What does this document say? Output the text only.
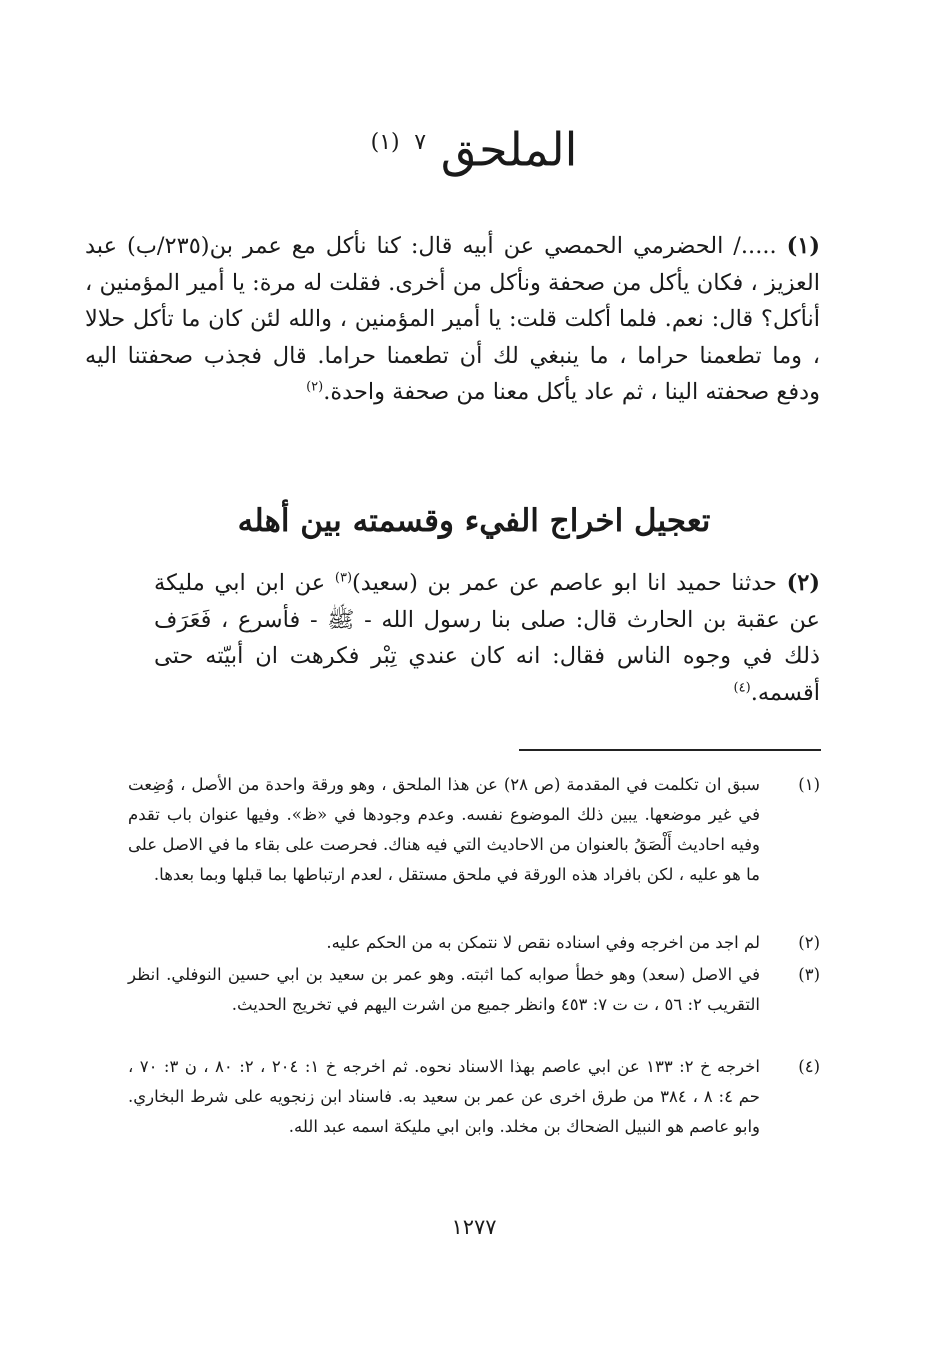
الملحق $^٧$ $^{(١)}$
(١) ...../ الحضرمي الحمصي عن أبيه قال: كنا نأكل مع عمر بن(٢٣٥/ب) عبد العزيز ، فكان يأكل من صحفة ونأكل من أخرى. فقلت له مرة: يا أمير المؤمنين ، أنأكل؟ قال: نعم. فلما أكلت قلت: يا أمير المؤمنين ، والله لئن كان ما تأكل حلالا ، وما تطعمنا حراما ، ما ينبغي لك أن تطعمنا حراما. قال فجذب صحفتنا اليه ودفع صحفته الينا ، ثم عاد يأكل معنا من صحفة واحدة.$^{(٢)}$
تعجيل اخراج الفيء وقسمته بين أهله
(٢) حدثنا حميد انا ابو عاصم عن عمر بن (سعيد)$^{(٣)}$ عن ابن ابي مليكة عن عقبة بن الحارث قال: صلى بنا رسول الله - ﷺ - فأسرع ، فَعَرَف ذلك في وجوه الناس فقال: انه كان عندي تِبْر فكرهت ان أبيّته حتى أقسمه.$^{(٤)}$
(١)
سبق ان تكلمت في المقدمة (ص ٢٨) عن هذا الملحق ، وهو ورقة واحدة من الأصل ، وُضِعت في غير موضعها. يبين ذلك الموضوع نفسه. وعدم وجودها في «ظ». وفيها عنوان باب تقدم وفيه احاديث أَلْصَقُ بالعنوان من الاحاديث التي فيه هناك. فحرصت على بقاء ما في الاصل على ما هو عليه ، لكن بافراد هذه الورقة في ملحق مستقل ، لعدم ارتباطها بما قبلها وبما بعدها.
(٢)
لم اجد من اخرجه وفي اسناده نقص لا نتمكن به من الحكم عليه.
(٣)
في الاصل (سعد) وهو خطأ صوابه كما اثبته. وهو عمر بن سعيد بن ابي حسين النوفلي. انظر التقريب ٢: ٥٦ ، ت ت ٧: ٤٥٣ وانظر جميع من اشرت اليهم في تخريج الحديث.
(٤)
اخرجه خ ٢: ١٣٣ عن ابي عاصم بهذا الاسناد نحوه. ثم اخرجه خ ١: ٢٠٤ ، ٢: ٨٠ ، ن ٣: ٧٠ ، حم ٤: ٨ ، ٣٨٤ من طرق اخرى عن عمر بن سعيد به. فاسناد ابن زنجويه على شرط البخاري. وابو عاصم هو النبيل الضحاك بن مخلد. وابن ابي مليكة اسمه عبد الله.
١٢٧٧
